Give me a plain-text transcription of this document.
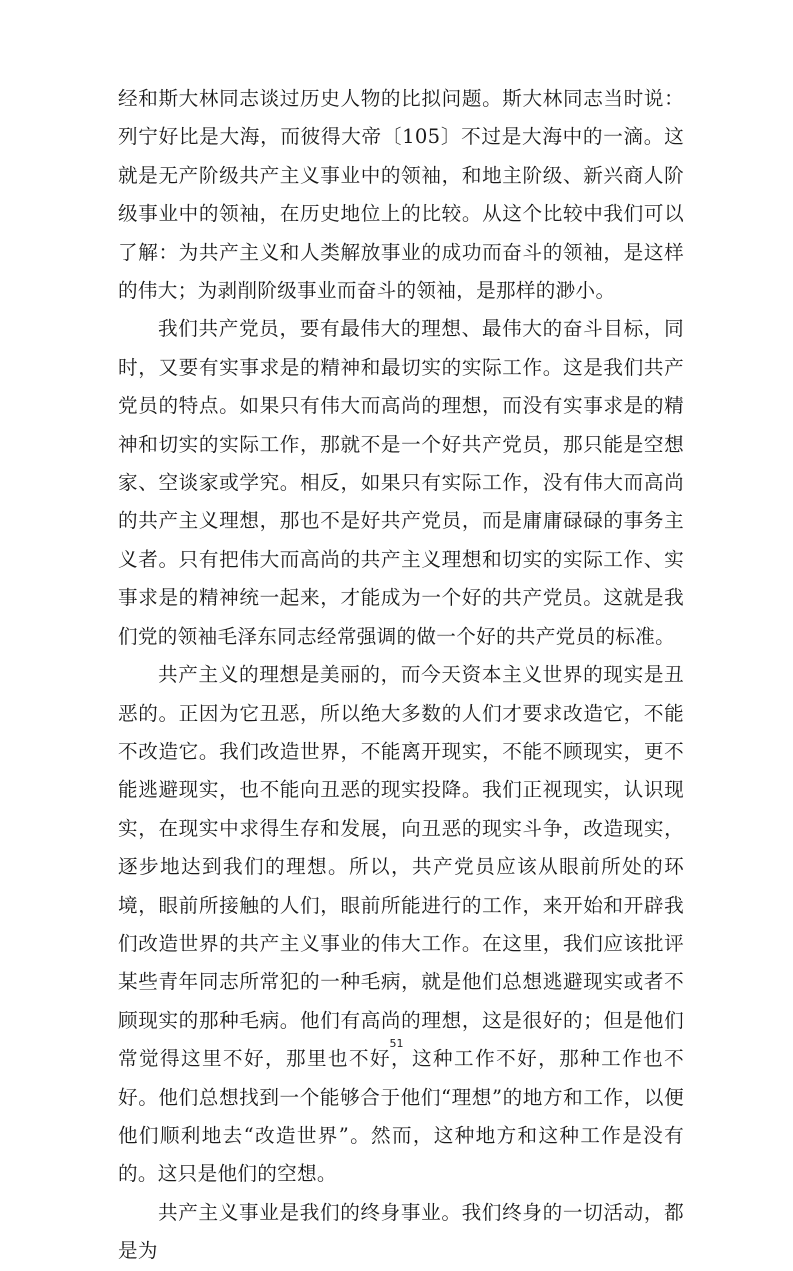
经和斯大林同志谈过历史人物的比拟问题。斯大林同志当时说：列宁好比是大海，而彼得大帝〔105〕不过是大海中的一滴。这就是无产阶级共产主义事业中的领袖，和地主阶级、新兴商人阶级事业中的领袖，在历史地位上的比较。从这个比较中我们可以了解：为共产主义和人类解放事业的成功而奋斗的领袖，是这样的伟大；为剥削阶级事业而奋斗的领袖，是那样的渺小。

我们共产党员，要有最伟大的理想、最伟大的奋斗目标，同时，又要有实事求是的精神和最切实的实际工作。这是我们共产党员的特点。如果只有伟大而高尚的理想，而没有实事求是的精神和切实的实际工作，那就不是一个好共产党员，那只能是空想家、空谈家或学究。相反，如果只有实际工作，没有伟大而高尚的共产主义理想，那也不是好共产党员，而是庸庸碌碌的事务主义者。只有把伟大而高尚的共产主义理想和切实的实际工作、实事求是的精神统一起来，才能成为一个好的共产党员。这就是我们党的领袖毛泽东同志经常强调的做一个好的共产党员的标准。

共产主义的理想是美丽的，而今天资本主义世界的现实是丑恶的。正因为它丑恶，所以绝大多数的人们才要求改造它，不能不改造它。我们改造世界，不能离开现实，不能不顾现实，更不能逃避现实，也不能向丑恶的现实投降。我们正视现实，认识现实，在现实中求得生存和发展，向丑恶的现实斗争，改造现实，逐步地达到我们的理想。所以，共产党员应该从眼前所处的环境，眼前所接触的人们，眼前所能进行的工作，来开始和开辟我们改造世界的共产主义事业的伟大工作。在这里，我们应该批评某些青年同志所常犯的一种毛病，就是他们总想逃避现实或者不顾现实的那种毛病。他们有高尚的理想，这是很好的；但是他们常觉得这里不好，那里也不好，这种工作不好，那种工作也不好。他们总想找到一个能够合于他们“理想”的地方和工作，以便他们顺利地去“改造世界”。然而，这种地方和这种工作是没有的。这只是他们的空想。

共产主义事业是我们的终身事业。我们终身的一切活动，都是为

51
